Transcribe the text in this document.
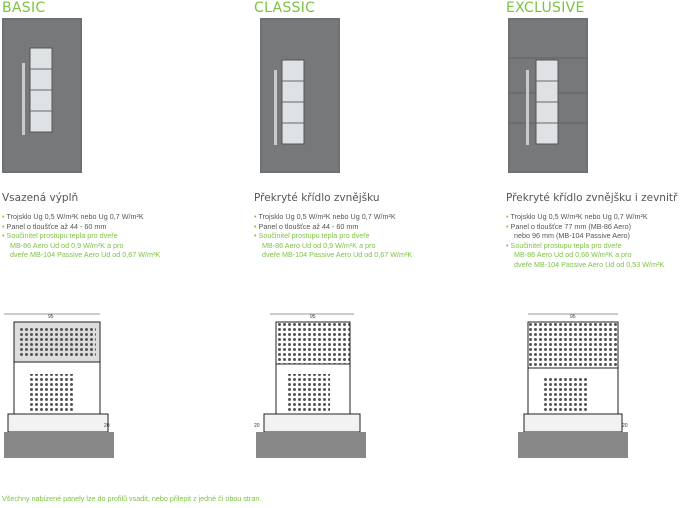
BASIC
Vsazená výplň
• Trojsklo Ug 0,5 W/m²K nebo Ug 0,7 W/m²K
• Panel o tloušťce až 44 - 60 mm
• Součinitel prostupu tepla pro dveře
MB-86 Aero Ud od 0,9 W/m²K a pro
dveře MB-104 Passive Aero Ud od 0,67 W/m²K
95
20
CLASSIC
Překryté křídlo zvnějšku
• Trojsklo Ug 0,5 W/m²K nebo Ug 0,7 W/m²K
• Panel o tloušťce až 44 - 60 mm
• Součinitel prostupu tepla pro dveře
MB-86 Aero Ud od 0,9 W/m²K a pro
dveře MB-104 Passive Aero Ud od 0,67 W/m²K
95
20
EXCLUSIVE
Překryté křídlo zvnějšku i zevnitř
• Trojsklo Ug 0,5 W/m²K nebo Ug 0,7 W/m²K
• Panel o tloušťce 77 mm (MB-86 Aero)
nebo 96 mm (MB-104 Passive Aero)
• Součinitel prostupu tepla pro dveře
MB-86 Aero Ud od 0,66 W/m²K a pro
dveře MB-104 Passive Aero Ud od 0,53 W/m²K
95
20
Všechny nabízené panely lze do profilů vsadit, nebo přilepit z jedné či obou stran.
